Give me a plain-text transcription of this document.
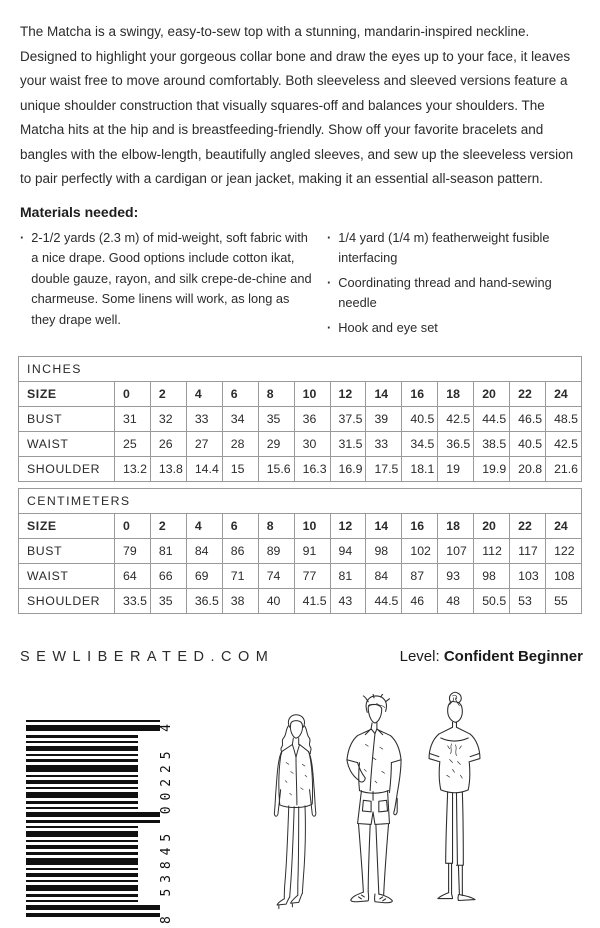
The Matcha is a swingy, easy-to-sew top with a stunning, mandarin-inspired neckline. Designed to highlight your gorgeous collar bone and draw the eyes up to your face, it leaves your waist free to move around comfortably. Both sleeveless and sleeved versions feature a unique shoulder construction that visually squares-off and balances your shoulders. The Matcha hits at the hip and is breastfeeding-friendly. Show off your favorite bracelets and bangles with the elbow-length, beautifully angled sleeves, and sew up the sleeveless version to pair perfectly with a cardigan or jean jacket, making it an essential all-season pattern.

Materials needed:
· 2-1/2 yards (2.3 m) of mid-weight, soft fabric with a nice drape. Good options include cotton ikat, double gauze, rayon, and silk crepe-de-chine and charmeuse. Some linens will work, as long as they drape well.
· 1/4 yard (1/4 m) featherweight fusible interfacing
· Coordinating thread and hand-sewing needle
· Hook and eye set
INCHES													
SIZE	0	2	4	6	8	10	12	14	16	18	20	22	24
BUST	31	32	33	34	35	36	37.5	39	40.5	42.5	44.5	46.5	48.5
WAIST	25	26	27	28	29	30	31.5	33	34.5	36.5	38.5	40.5	42.5
SHOULDER	13.2	13.8	14.4	15	15.6	16.3	16.9	17.5	18.1	19	19.9	20.8	21.6
CENTIMETERS													
SIZE	0	2	4	6	8	10	12	14	16	18	20	22	24
BUST	79	81	84	86	89	91	94	98	102	107	112	117	122
WAIST	64	66	69	71	74	77	81	84	87	93	98	103	108
SHOULDER	33.5	35	36.5	38	40	41.5	43	44.5	46	48	50.5	53	55
SEWLIBERATED.COM	Level: Confident Beginner
8 53845 00225 4
